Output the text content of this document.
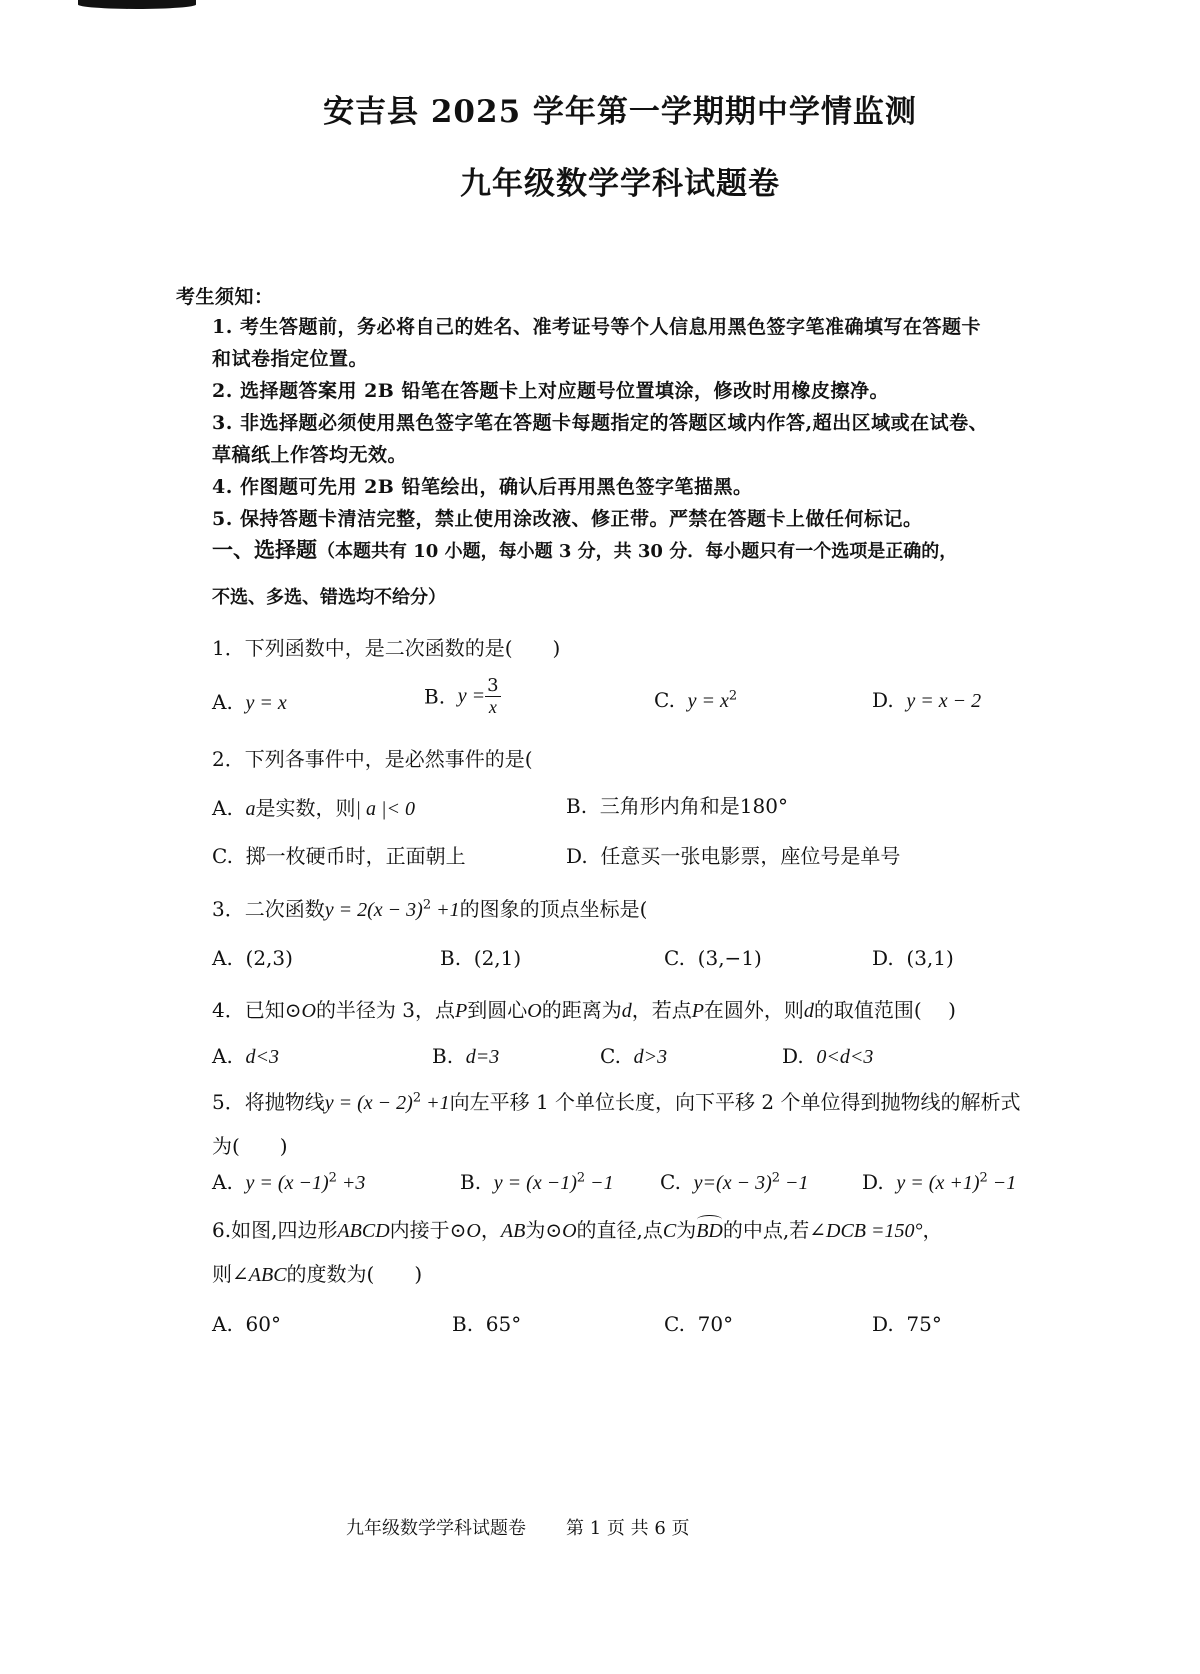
安吉县 2025 学年第一学期期中学情监测
九年级数学学科试题卷
考生须知：
1. 考生答题前，务必将自己的姓名、准考证号等个人信息用黑色签字笔准确填写在答题卡
和试卷指定位置。
2. 选择题答案用 2B 铅笔在答题卡上对应题号位置填涂，修改时用橡皮擦净。
3. 非选择题必须使用黑色签字笔在答题卡每题指定的答题区域内作答,超出区域或在试卷、
草稿纸上作答均无效。
4. 作图题可先用 2B 铅笔绘出，确认后再用黑色签字笔描黑。
5. 保持答题卡清洁完整，禁止使用涂改液、修正带。严禁在答题卡上做任何标记。
一、选择题（本题共有 10 小题，每小题 3 分，共 30 分．每小题只有一个选项是正确的，
不选、多选、错选均不给分）
1．下列函数中，是二次函数的是(　　)
A. y = x	B. $y = \frac{3}{x}$	C. $y = x^2$	D. y = x − 2
2．下列各事件中，是必然事件的是(
A. a是实数，则| a |< 0	B. 三角形内角和是180°
C. 掷一枚硬币时，正面朝上	D. 任意买一张电影票，座位号是单号
3．二次函数$y = 2(x - 3)^2 +1$的图象的顶点坐标是(
A. (2,3)	B. (2,1)	C. (3,−1)	D. (3,1)
4．已知⊙O的半径为 3，点P到圆心O的距离为d，若点P在圆外，则d的取值范围(　 )
A. d<3	B. d=3	C. d>3	D. 0<d<3
5．将抛物线$y = (x - 2)^2 +1$向左平移 1 个单位长度，向下平移 2 个单位得到抛物线的解析式
为(　　)
A. $y = (x -1)^2 +3$	B. $y = (x -1)^2 -1$ C. $y=(x - 3)^2 -1$	D. $y = (x +1)^2 -1$
6.如图,四边形ABCD内接于⊙O，AB为⊙O的直径,点C为BD的中点,若∠DCB =150°，
则∠ABC的度数为(　　)
A. 60°	B. 65°	C. 70°	D. 75°
九年级数学学科试题卷 第 1 页 共 6 页
